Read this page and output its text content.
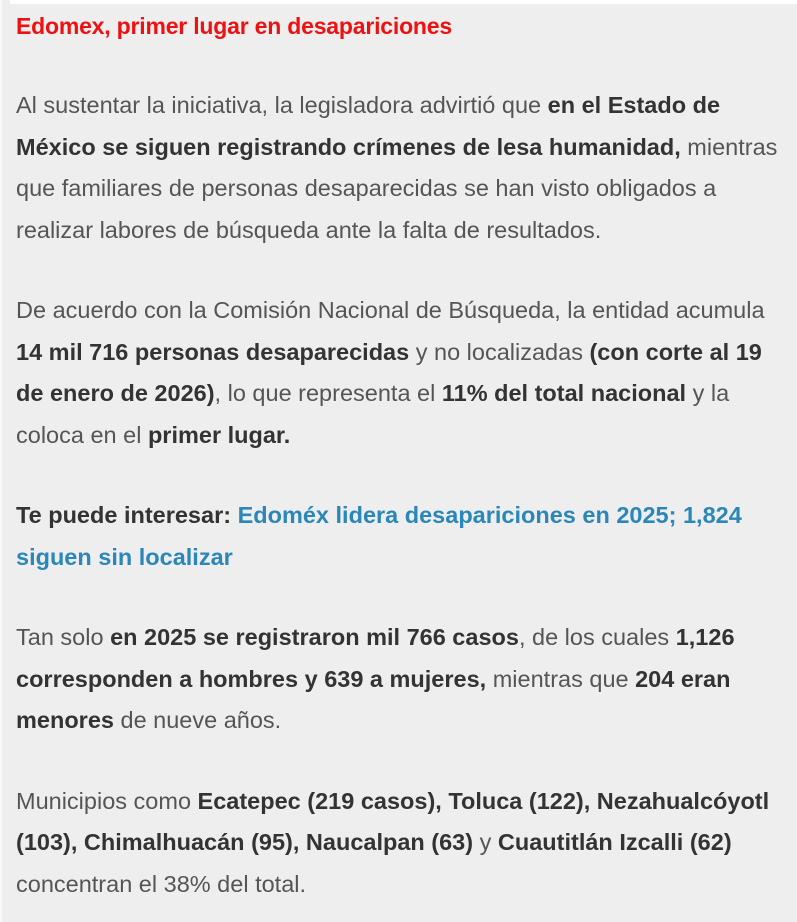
Edomex, primer lugar en desapariciones

Al sustentar la iniciativa, la legisladora advirtió que en el Estado de México se siguen registrando crímenes de lesa humanidad, mientras que familiares de personas desaparecidas se han visto obligados a realizar labores de búsqueda ante la falta de resultados.

De acuerdo con la Comisión Nacional de Búsqueda, la entidad acumula 14 mil 716 personas desaparecidas y no localizadas (con corte al 19 de enero de 2026), lo que representa el 11% del total nacional y la coloca en el primer lugar.

Te puede interesar: Edoméx lidera desapariciones en 2025; 1,824 siguen sin localizar

Tan solo en 2025 se registraron mil 766 casos, de los cuales 1,126 corresponden a hombres y 639 a mujeres, mientras que 204 eran menores de nueve años.

Municipios como Ecatepec (219 casos), Toluca (122), Nezahualcóyotl (103), Chimalhuacán (95), Naucalpan (63) y Cuautitlán Izcalli (62) concentran el 38% del total.
